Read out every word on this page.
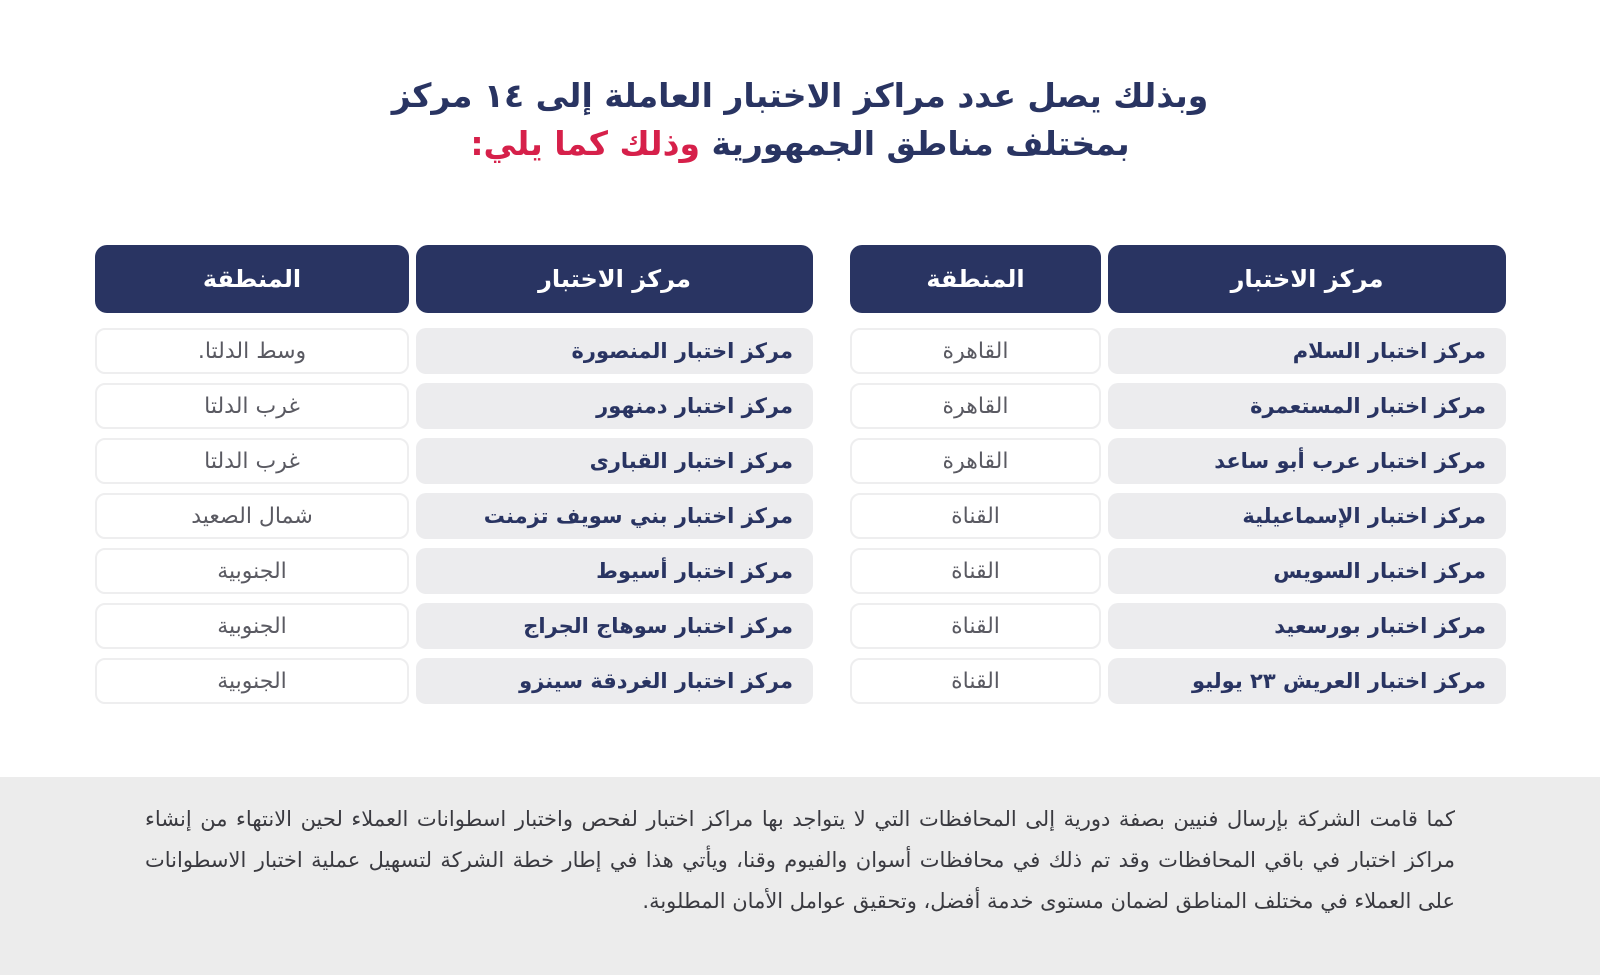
وبذلك يصل عدد مراكز الاختبار العاملة إلى ١٤ مركز
بمختلف مناطق الجمهورية وذلك كما يلي:
مركز الاختبار
المنطقة
مركز اختبار السلام
القاهرة
مركز اختبار المستعمرة
القاهرة
مركز اختبار عرب أبو ساعد
القاهرة
مركز اختبار الإسماعيلية
القناة
مركز اختبار السويس
القناة
مركز اختبار بورسعيد
القناة
مركز اختبار العريش ٢٣ يوليو
القناة
مركز الاختبار
المنطقة
مركز اختبار المنصورة
وسط الدلتا.
مركز اختبار دمنهور
غرب الدلتا
مركز اختبار القبارى
غرب الدلتا
مركز اختبار بني سويف تزمنت
شمال الصعيد
مركز اختبار أسيوط
الجنوبية
مركز اختبار سوهاج الجراج
الجنوبية
مركز اختبار الغردقة سينزو
الجنوبية

كما قامت الشركة بإرسال فنيين بصفة دورية إلى المحافظات التي لا يتواجد بها مراكز اختبار لفحص واختبار اسطوانات العملاء لحين الانتهاء من إنشاء مراكز اختبار في باقي المحافظات وقد تم ذلك في محافظات أسوان والفيوم وقنا، ويأتي هذا في إطار خطة الشركة لتسهيل عملية اختبار الاسطوانات على العملاء في مختلف المناطق لضمان مستوى خدمة أفضل، وتحقيق عوامل الأمان المطلوبة.
